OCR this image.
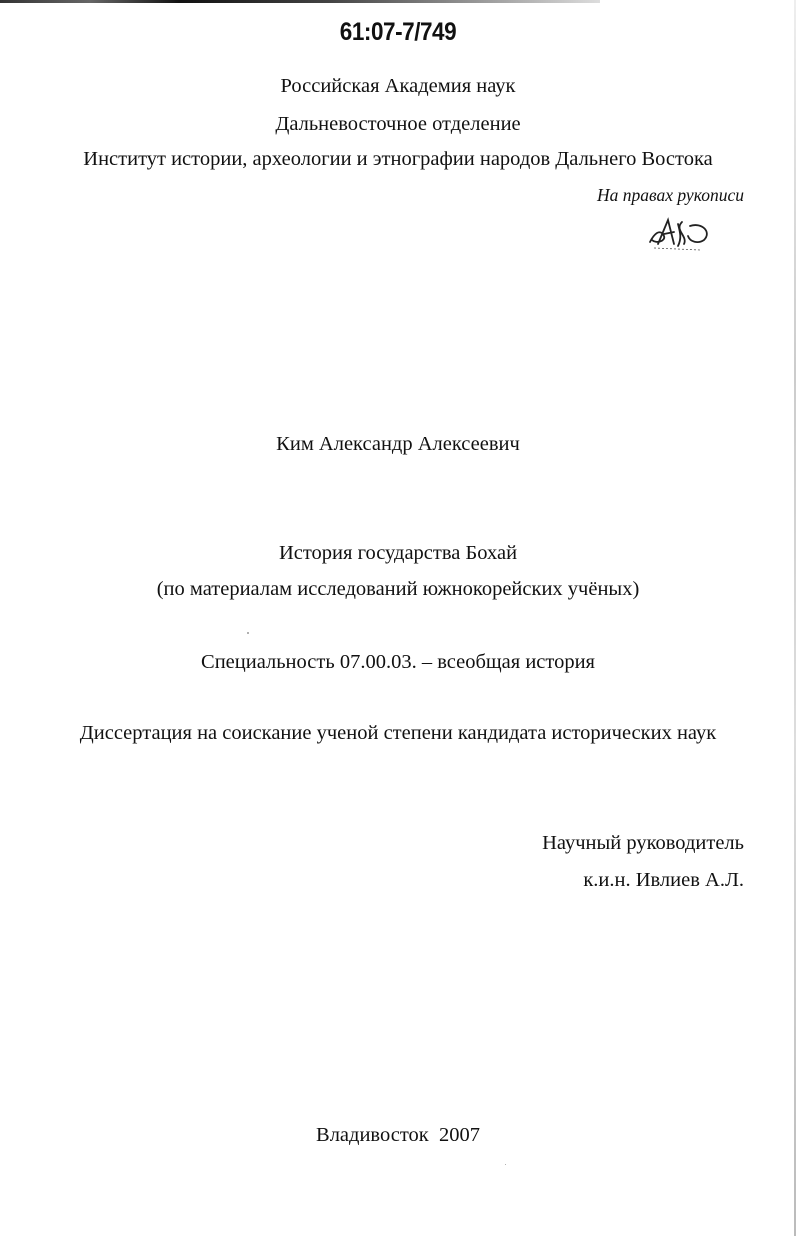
61:07-7/749
Российская Академия наук
Дальневосточное отделение
Институт истории, археологии и этнографии народов Дальнего Востока
На правах рукописи
Ким Александр Алексеевич
История государства Бохай
(по материалам исследований южнокорейских учёных)
Специальность 07.00.03. – всеобщая история
Диссертация на соискание ученой степени кандидата исторических наук
Научный руководитель
к.и.н. Ивлиев А.Л.
Владивосток  2007
